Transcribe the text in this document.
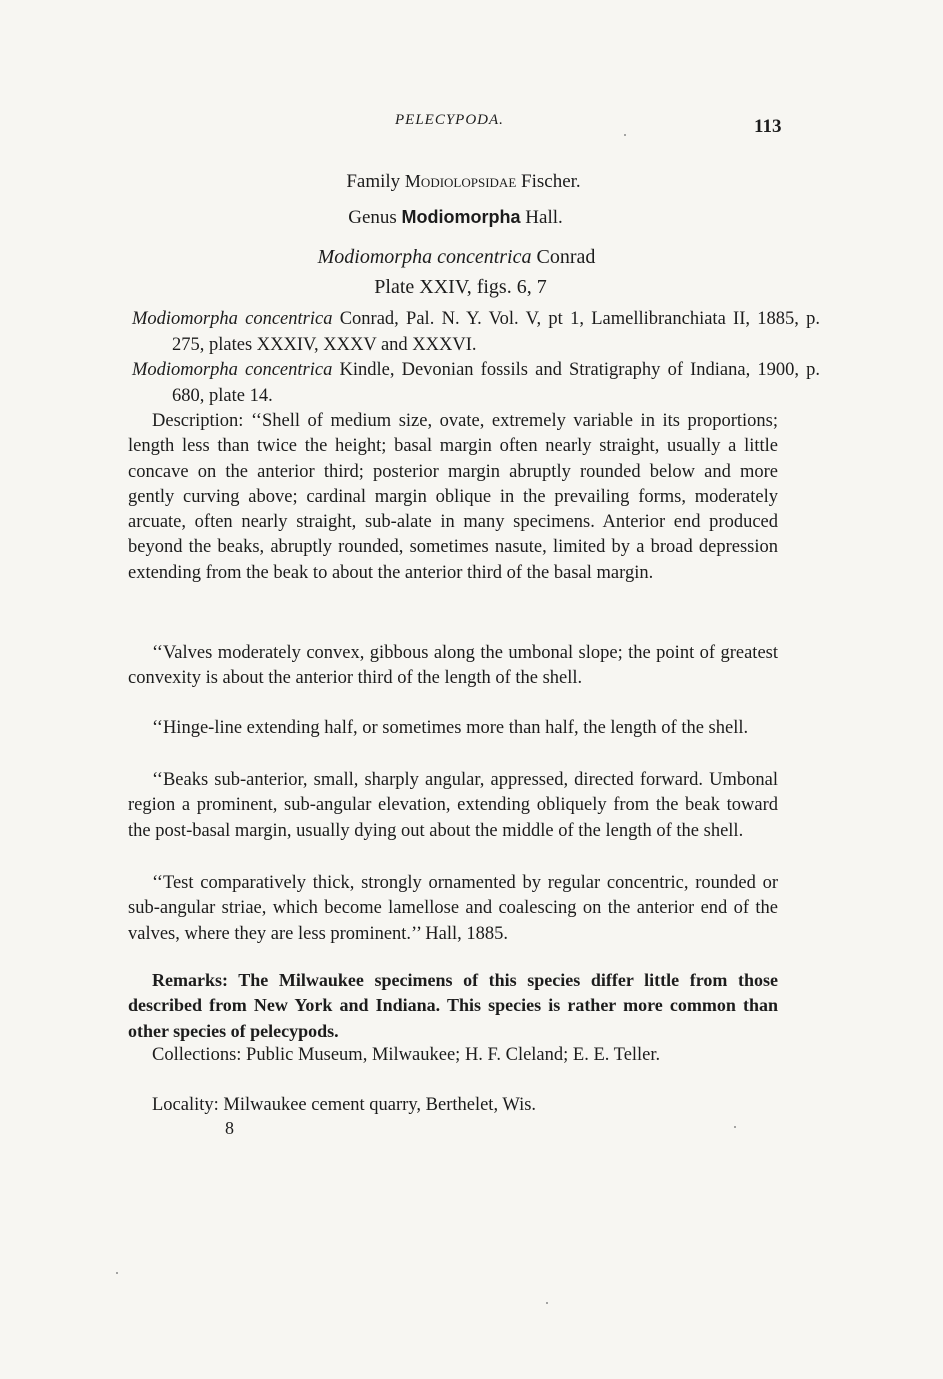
PELECYPODA.	113
Family Modiolopsidae Fischer.
Genus Modiomorpha Hall.
Modiomorpha concentrica Conrad
Plate XXIV, figs. 6, 7
Modiomorpha concentrica Conrad, Pal. N. Y. Vol. V, pt 1, Lamellibranchiata II, 1885, p. 275, plates XXXIV, XXXV and XXXVI.
Modiomorpha concentrica Kindle, Devonian fossils and Stratigraphy of Indiana, 1900, p. 680, plate 14.
Description: ‘‘Shell of medium size, ovate, extremely variable in its proportions; length less than twice the height; basal margin often nearly straight, usually a little concave on the anterior third; posterior margin abruptly rounded below and more gently curving above; cardinal margin oblique in the prevailing forms, moderately arcuate, often nearly straight, sub-alate in many specimens. Anterior end produced beyond the beaks, abruptly rounded, sometimes nasute, limited by a broad depression extending from the beak to about the anterior third of the basal margin.
‘‘Valves moderately convex, gibbous along the umbonal slope; the point of greatest convexity is about the anterior third of the length of the shell.
‘‘Hinge-line extending half, or sometimes more than half, the length of the shell.
‘‘Beaks sub-anterior, small, sharply angular, appressed, directed forward. Umbonal region a prominent, sub-angular elevation, extending obliquely from the beak toward the post-basal margin, usually dying out about the middle of the length of the shell.
‘‘Test comparatively thick, strongly ornamented by regular concentric, rounded or sub-angular striae, which become lamellose and coalescing on the anterior end of the valves, where they are less prominent.’’ Hall, 1885.
Remarks: The Milwaukee specimens of this species differ little from those described from New York and Indiana. This species is rather more common than other species of pelecypods.
Collections: Public Museum, Milwaukee; H. F. Cleland; E. E. Teller.
Locality: Milwaukee cement quarry, Berthelet, Wis.
8
